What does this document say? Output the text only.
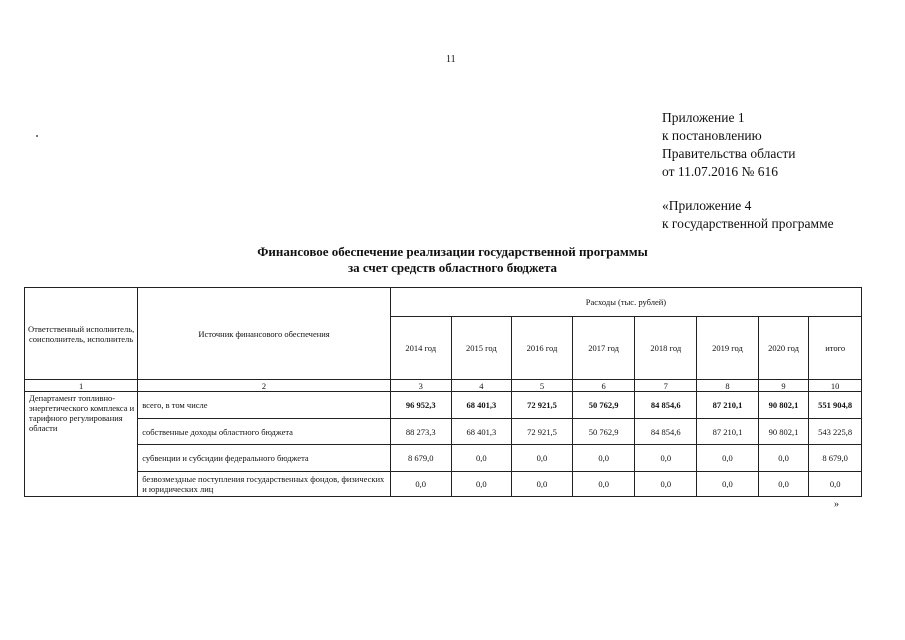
11
Приложение 1
к постановлению
Правительства области
от 11.07.2016 № 616
«Приложение 4
к государственной программе
Финансовое обеспечение реализации государственной программы
за счет средств областного бюджета
Ответственный исполнитель, соисполнитель, исполнитель	Источник финансового обеспечения	Расходы (тыс. рублей)							
		2014 год	2015 год	2016 год	2017 год	2018 год	2019 год	2020 год	итого
1	2	3	4	5	6	7	8	9	10
Департамент топливно-энергетического комплекса и тарифного регулирования области	всего, в том числе	96 952,3	68 401,3	72 921,5	50 762,9	84 854,6	87 210,1	90 802,1	551 904,8
	собственные доходы областного бюджета	88 273,3	68 401,3	72 921,5	50 762,9	84 854,6	87 210,1	90 802,1	543 225,8
	субвенции и субсидии федерального бюджета	8 679,0	0,0	0,0	0,0	0,0	0,0	0,0	8 679,0
	безвозмездные поступления государственных фондов, физических и юридических лиц	0,0	0,0	0,0	0,0	0,0	0,0	0,0	0,0
»
